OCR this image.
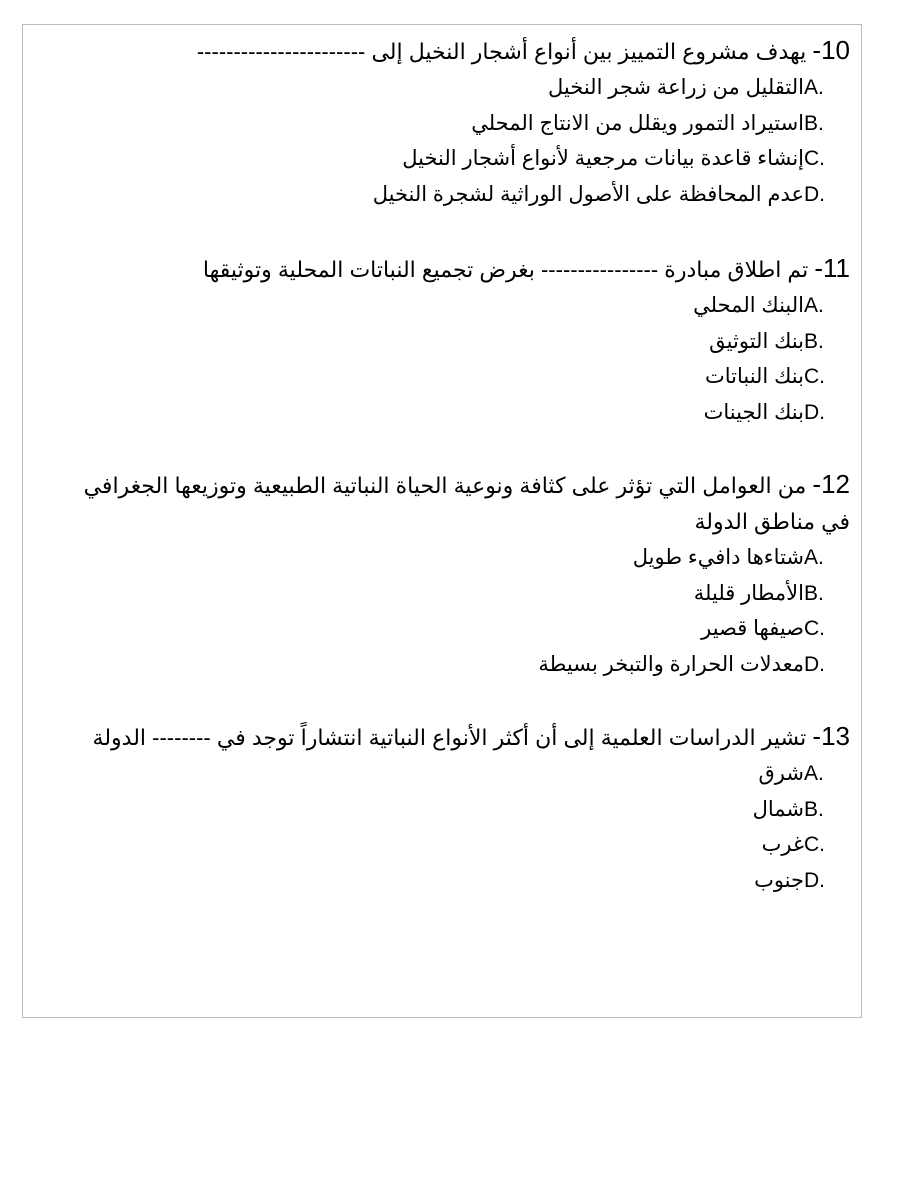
10- يهدف مشروع التمييز بين أنواع أشجار النخيل إلى -----------------------
A.التقليل من زراعة شجر النخيل
B.استيراد التمور ويقلل من الانتاج المحلي
C.إنشاء قاعدة بيانات مرجعية لأنواع أشجار النخيل
D.عدم المحافظة على الأصول الوراثية لشجرة النخيل
11- تم اطلاق مبادرة ---------------- بغرض تجميع النباتات المحلية وتوثيقها
A.البنك المحلي
B.بنك التوثيق
C.بنك النباتات
D.بنك الجينات
12- من العوامل التي تؤثر على كثافة ونوعية الحياة النباتية الطبيعية وتوزيعها الجغرافي في مناطق الدولة
A.شتاءها دافيء طويل
B.الأمطار قليلة
C.صيفها قصير
D.معدلات الحرارة والتبخر بسيطة
13- تشير الدراسات العلمية إلى أن أكثر الأنواع النباتية انتشاراً توجد في -------- الدولة
A.شرق
B.شمال
C.غرب
D.جنوب
